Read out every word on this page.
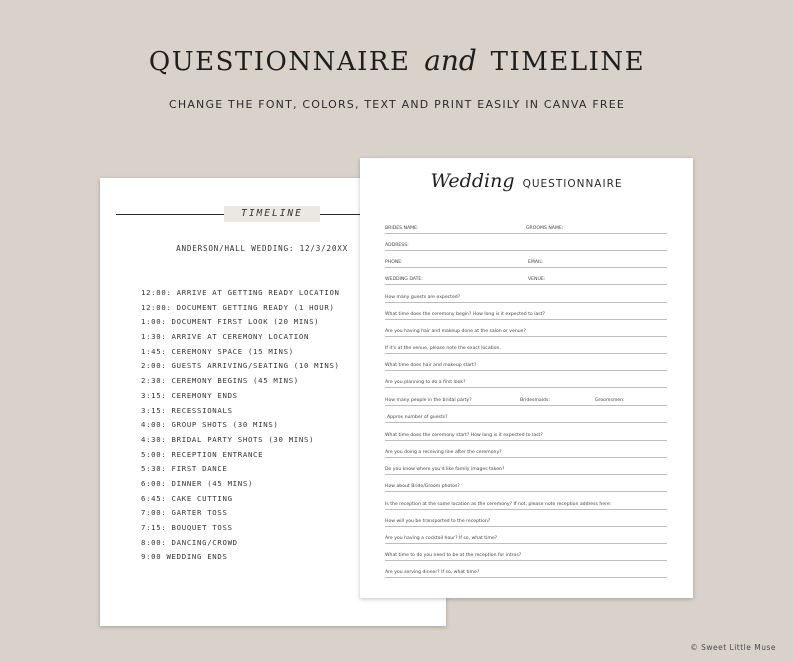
QUESTIONNAIRE and TIMELINE
CHANGE THE FONT, COLORS, TEXT AND PRINT EASILY IN CANVA FREE
TIMELINE
ANDERSON/HALL WEDDING: 12/3/20XX
12:00: ARRIVE AT GETTING READY LOCATION
12:00: DOCUMENT GETTING READY (1 HOUR)
1:00: DOCUMENT FIRST LOOK (20 MINS)
1:30: ARRIVE AT CEREMONY LOCATION
1:45: CEREMONY SPACE (15 MINS)
2:00: GUESTS ARRIVING/SEATING (10 MINS)
2:30: CEREMONY BEGINS (45 MINS)
3:15: CEREMONY ENDS
3:15: RECESSIONALS
4:00: GROUP SHOTS (30 MINS)
4:30: BRIDAL PARTY SHOTS (30 MINS)
5:00: RECEPTION ENTRANCE
5:30: FIRST DANCE
6:00: DINNER (45 MINS)
6:45: CAKE CUTTING
7:00: GARTER TOSS
7:15: BOUQUET TOSS
8:00: DANCING/CROWD
9:00 WEDDING ENDS
Wedding QUESTIONNAIRE
BRIDES NAME:	GROOMS NAME:
ADDRESS:
PHONE:	EMAIL:
WEDDING DATE:	VENUE:
How many guests are expected?
What time does the ceremony begin? How long is it expected to last?
Are you having hair and makeup done at the salon or venue?
If it's at the venue, please note the exact location.
What time does hair and makeup start?
Are you planning to do a first look?
How many people in the bridal party?	Bridesmaids:	Groomsmen:
Approx number of guests?
What time does the ceremony start? How long is it expected to last?
Are you doing a receiving line after the ceremony?
Do you know where you'd like family images taken?
How about Bride/Groom photos?
Is the reception at the same location as the ceremony? If not, please note reception address here:
How will you be transported to the reception?
Are you having a cocktail hour? If so, what time?
What time to do you need to be at the reception for intros?
Are you serving dinner? If so, what time?
© Sweet Little Muse
